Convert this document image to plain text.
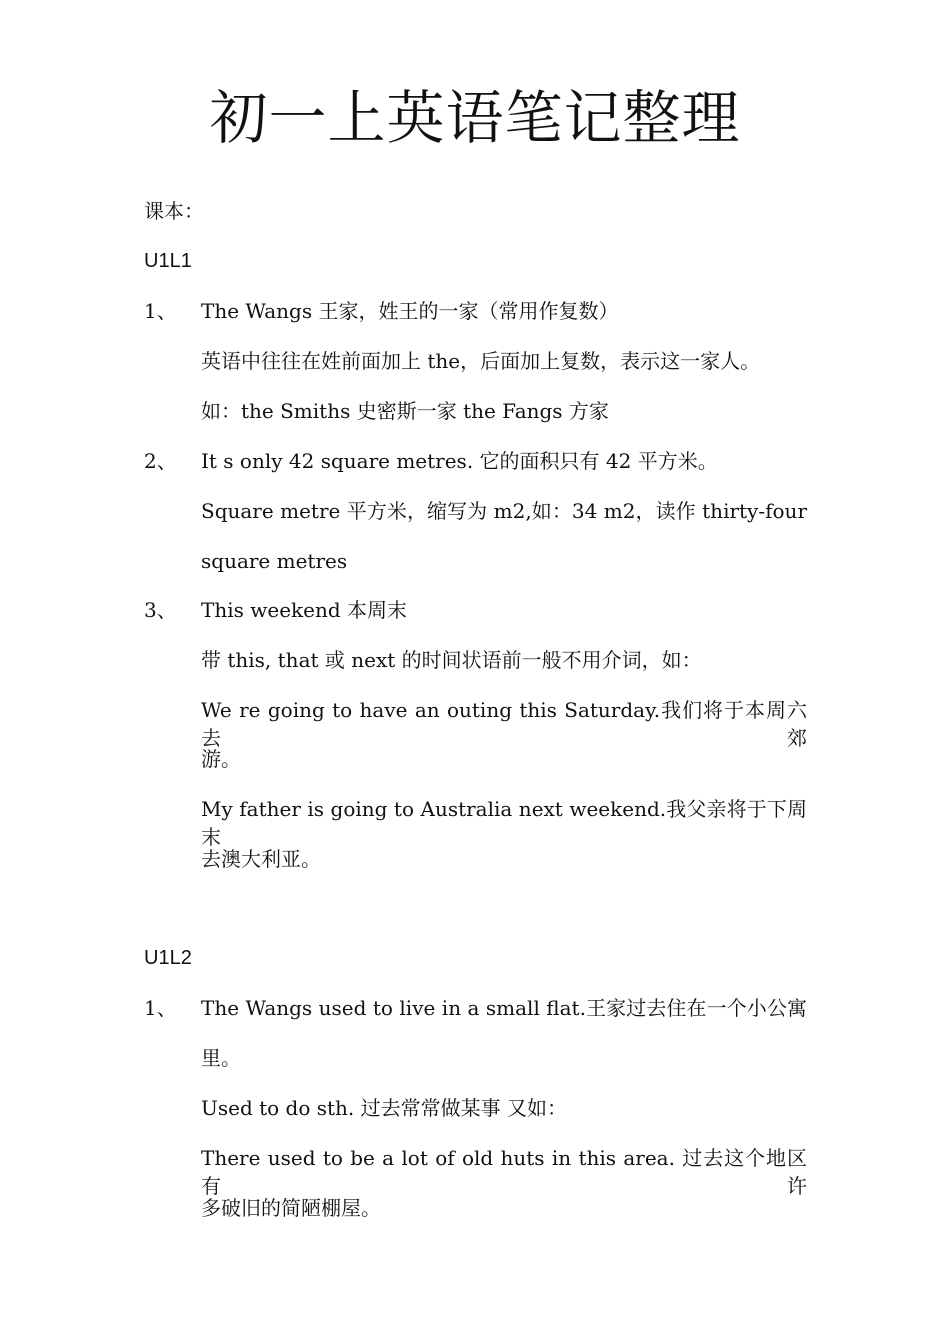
初一上英语笔记整理
课本：
U1L1
1、 The Wangs 王家，姓王的一家（常用作复数）
英语中往往在姓前面加上 the，后面加上复数，表示这一家人。
如：the Smiths 史密斯一家 the Fangs 方家
2、 It s only 42 square metres. 它的面积只有 42 平方米。
Square metre 平方米，缩写为 m2,如：34 m2，读作 thirty-four
square metres
3、 This weekend 本周末
带 this, that 或 next 的时间状语前一般不用介词，如：
We re going to have an outing this Saturday.我们将于本周六去郊
游。
My father is going to Australia next weekend.我父亲将于下周末
去澳大利亚。
U1L2
1、 The Wangs used to live in a small flat.王家过去住在一个小公寓
里。
Used to do sth. 过去常常做某事 又如：
There used to be a lot of old huts in this area. 过去这个地区有许
多破旧的简陋棚屋。
